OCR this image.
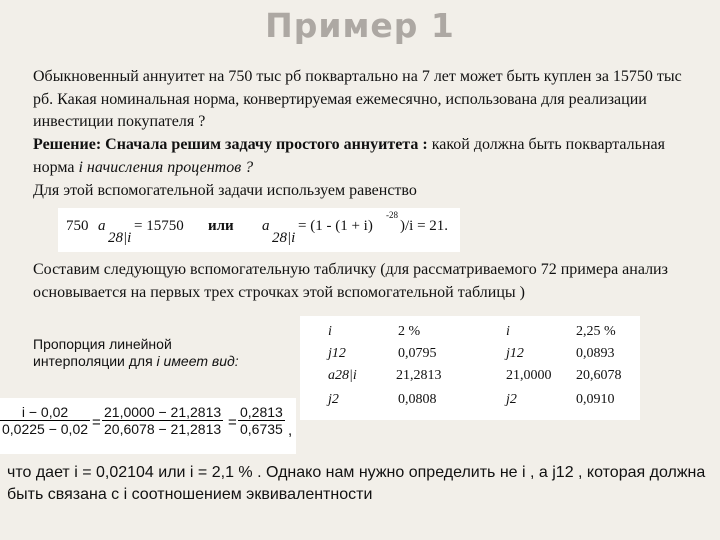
Пример 1
Обыкновенный аннуитет на 750 тыс рб поквартально на 7 лет может быть куплен за 15750 тыс рб. Какая номинальная норма, конвертируемая ежемесячно, использована для реализации инвестиции покупателя ?
Решение: Сначала решим задачу простого аннуитета : какой должна быть поквартальная норма i начисления процентов ?
Для этой вспомогательной задачи используем равенство
750 a
28|i
= 15750 или a
28|i
= (1 - (1 + i)
-28
)/i = 21.
Составим следующую вспомогательную табличку (для рассматриваемого 72 примера анализ основывается на первых трех строчках этой вспомогательной таблицы )
Пропорция линейной интерполяции для i имеет вид:
i
j12
a28|i
j2
2 %
0,0795
21,2813
0,0808
i
j12
21,0000
j2
2,25 %
0,0893
20,6078
0,0910
$\frac{i - 0,02}{0,0225 - 0,02} = \frac{21,0000 - 21,2813}{20,6078 - 21,2813} = \frac{0,2813}{0,6735}$ ,
что дает i = 0,02104 или i = 2,1 % . Однако нам нужно определить не i , а j12 , которая должна быть связана с i соотношением эквивалентности
